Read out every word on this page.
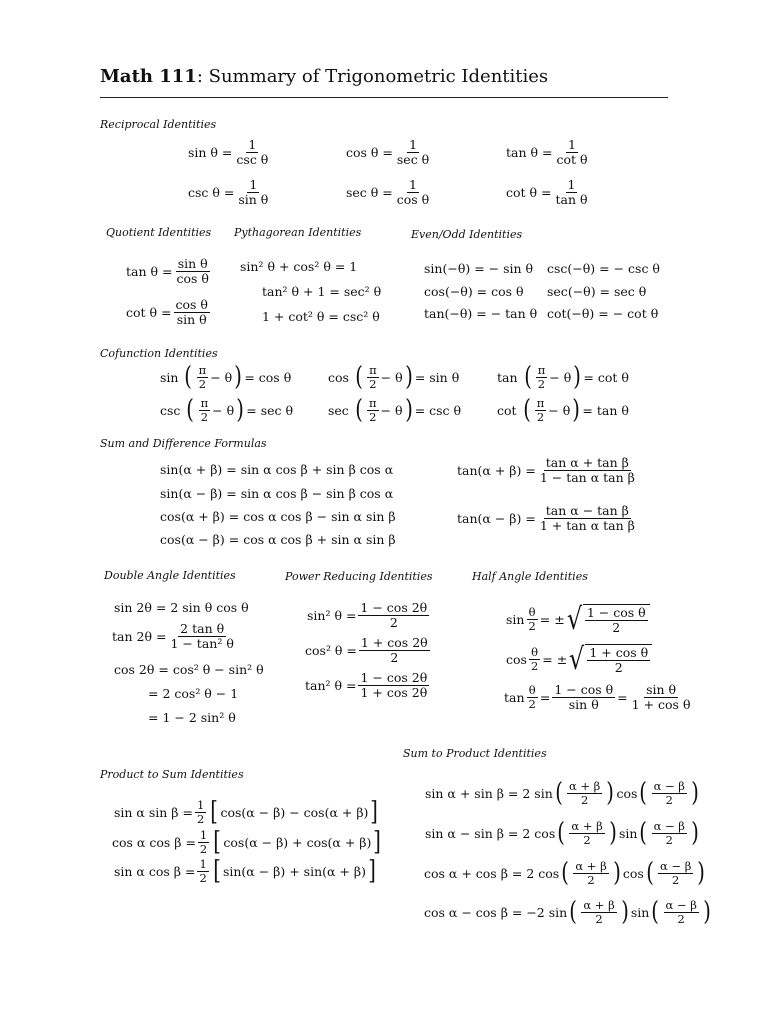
Math 111: Summary of Trigonometric Identities
Reciprocal Identities
$\sin \theta = \frac{1}{\text{csc θ}}$	$\cos \theta = \frac{1}{\text{sec θ}}$	$\tan \theta = \frac{1}{\text{cot θ}}$
$\csc \theta = \frac{1}{\text{sin θ}}$	$\sec \theta = \frac{1}{\text{cos θ}}$	$\cot \theta = \frac{1}{\text{tan θ}}$
Quotient Identities Pythagorean Identities	Even/Odd Identities
$\tan \theta = \frac{\text{sin θ}}{\text{cos θ}}$
$\cot \theta = \frac{\text{cos θ}}{\text{sin θ}}$
sin² θ + cos² θ = 1
tan² θ + 1 = sec² θ
1 + cot² θ = csc² θ
sin(−θ) = − sin θ csc(−θ) = − csc θ
cos(−θ) = cos θ sec(−θ) = sec θ
tan(−θ) = − tan θ cot(−θ) = − cot θ
Cofunction Identities
sin ( $\frac{\pi}{2} - \theta$ ) = cos θ	cos ( $\frac{\pi}{2} - \theta$ ) = sin θ	tan ( $\frac{\pi}{2} - \theta$ ) = cot θ
csc ( $\frac{\pi}{2} - \theta$ ) = sec θ	sec ( $\frac{\pi}{2} - \theta$ ) = csc θ	cot ( $\frac{\pi}{2} - \theta$ ) = tan θ
Sum and Difference Formulas
sin(α + β) = sin α cos β + sin β cos α
sin(α − β) = sin α cos β − sin β cos α
cos(α + β) = cos α cos β − sin α sin β
cos(α − β) = cos α cos β + sin α sin β
$\tan(\alpha + \beta) = \frac{\text{tan α + tan β}}{\text{1 − tan α tan β}}$
$\tan(\alpha - \beta) = \frac{\text{tan α − tan β}}{\text{1 + tan α tan β}}$
Double Angle Identities	Power Reducing Identities	Half Angle Identities
sin 2θ = 2 sin θ cos θ
$\tan 2\theta = \frac{\text{2 tan θ}}{\text{1 − tan² θ}}$
cos 2θ = cos² θ − sin² θ
= 2 cos² θ − 1
= 1 − 2 sin² θ
sin² $\theta = \frac{1 - \cos 2\theta}{2}$
cos² $\theta = \frac{1 + \cos 2\theta}{2}$
tan² $\theta = \frac{1 - \cos 2\theta}{1 + \cos 2\theta}$
$\sin \frac{\theta}{2}$ = ± √ $\frac{\text{1 − cos θ}}{2}$
$\cos \frac{\theta}{2}$ = ± √ $\frac{\text{1 + cos θ}}{2}$
$\tan \frac{\theta}{2} = \frac{\text{1 − cos θ}}{\text{sin θ}} = \frac{\text{sin θ}}{\text{1 + cos θ}}$
Sum to Product Identities
sin α + sin β = 2 sin ( $\frac{\alpha + \beta}{2}$ ) cos ( $\frac{\alpha - \beta}{2}$ )
sin α − sin β = 2 cos ( $\frac{\alpha + \beta}{2}$ ) sin ( $\frac{\alpha - \beta}{2}$ )
cos α + cos β = 2 cos ( $\frac{\alpha + \beta}{2}$ ) cos ( $\frac{\alpha - \beta}{2}$ )
cos α − cos β = −2 sin ( $\frac{\alpha + \beta}{2}$ ) sin ( $\frac{\alpha - \beta}{2}$ )
Product to Sum Identities
sin α $\sin \beta = \frac{1}{2}$ [ cos(α − β) − cos(α + β) ]
cos α $\cos \beta = \frac{1}{2}$ [ cos(α − β) + cos(α + β) ]
sin α $\cos \beta = \frac{1}{2}$ [ sin(α − β) + sin(α + β) ]
